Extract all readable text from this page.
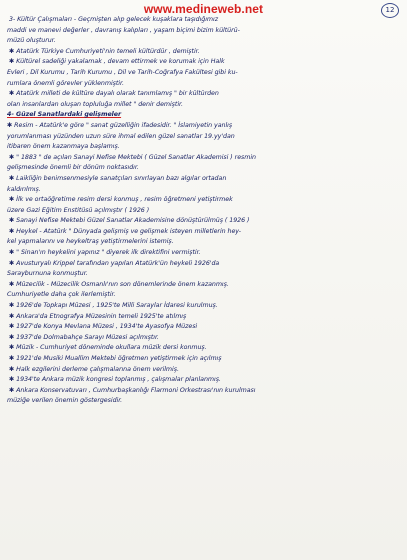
www.medineweb.net	12
3- Kültür Çalışmaları - Geçmişten alıp gelecek kuşaklara taşıdığımız
maddi ve manevi değerler , davranış kalıpları , yaşam biçimi bizim kültürü-
müzü oluşturur.
✱ Atatürk Türkiye Cumhuriyeti'nin temeli kültürdür , demiştir.
✱ Kültürel sadeliği yakalamak , devam ettirmek ve korumak için Halk
Evleri , Dil Kurumu , Tarih Kurumu , Dil ve Tarih-Coğrafya Fakültesi gibi ku-
rumlara önemli görevler yüklenmiştir.
✱ Atatürk milleti de kültüre dayalı olarak tanımlamış " bir kültürden
olan insanlardan oluşan topluluğa millet " denir demiştir.
4- Güzel Sanatlardaki gelişmeler
✱ Resim - Atatürk'e göre " sanat güzelliğin ifadesidir. " İslamiyetin yanlış
yorumlanması yüzünden uzun süre ihmal edilen güzel sanatlar 19.yy'dan
itibaren önem kazanmaya başlamış.
✱ " 1883 " de açılan Sanayi Nefise Mektebi ( Güzel Sanatlar Akademisi ) resmin
gelişmesinde önemli bir dönüm noktasıdır.
✱ Laikliğin benimsenmesiyle sanatçıları sınırlayan bazı algılar ortadan
kaldırılmış.
✱ İlk ve ortaöğretime resim dersi konmuş , resim öğretmeni yetiştirmek
üzere Gazi Eğitim Enstitüsü açılmıştır ( 1926 )
✱ Sanayi Nefise Mektebi Güzel Sanatlar Akademisine dönüştürülmüş ( 1926 )
✱ Heykel - Atatürk " Dünyada gelişmiş ve gelişmek isteyen milletlerin hey-
kel yapmalarını ve heykeltraş yetiştirmelerini istemiş.
✱ " Sinan'ın heykelini yapınız " diyerek ilk direktifini vermiştir.
✱ Avusturyalı Krippel tarafından yapılan Atatürk'ün heykeli 1926'da
Sarayburnuna konmuştur.
✱ Müzecilik - Müzecilik Osmanlı'nın son dönemlerinde önem kazanmış.
Cumhuriyetle daha çok ilerlemiştir.
✱ 1926'de Topkapı Müzesi , 1925'te Milli Saraylar İdaresi kurulmuş.
✱ Ankara'da Etnografya Müzesinin temeli 1925'te atılmış
✱ 1927'de Konya Mevlana Müzesi , 1934'te Ayasofya Müzesi
✱ 1937'de Dolmabahçe Sarayı Müzesi açılmıştır.
✱ Müzik - Cumhuriyet döneminde okullara müzik dersi konmuş.
✱ 1921'de Musiki Muallim Mektebi öğretmen yetiştirmek için açılmış
✱ Halk ezgilerini derleme çalışmalarına önem verilmiş.
✱ 1934'te Ankara müzik kongresi toplanmış , çalışmalar planlanmış.
✱ Ankara Konservatuvarı , Cumhurbaşkanlığı Flarmoni Orkestrası'nın kurulması
müziğe verilen önemin göstergesidir.
